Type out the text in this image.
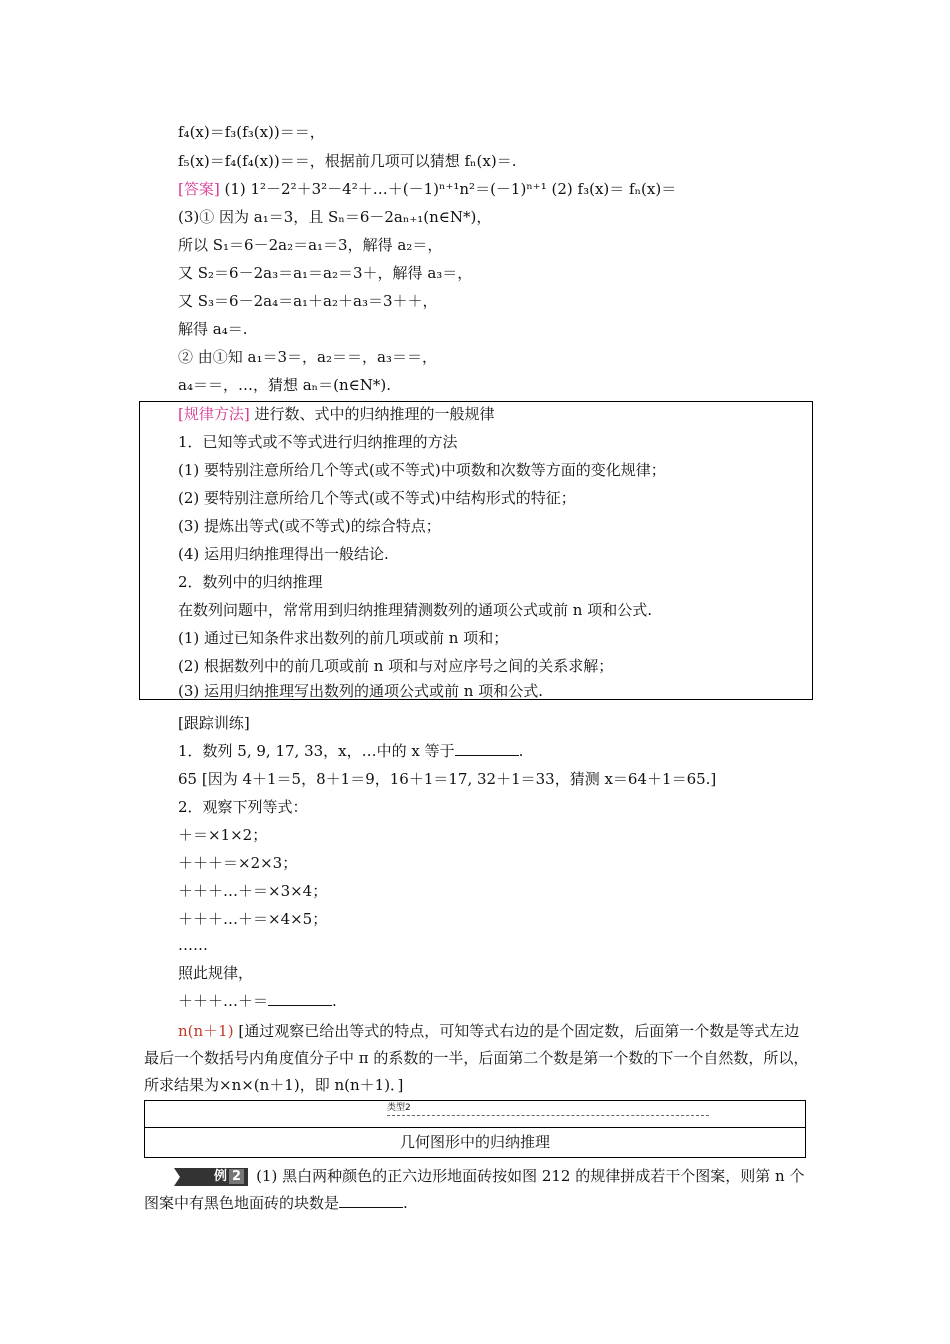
f₄(x)＝f₃(f₃(x))＝＝，
f₅(x)＝f₄(f₄(x))＝＝，根据前几项可以猜想 fₙ(x)＝.
[答案] (1) 1²－2²＋3²－4²＋…＋(－1)ⁿ⁺¹n²＝(－1)ⁿ⁺¹ (2) f₃(x)＝ fₙ(x)＝
(3)① 因为 a₁＝3，且 Sₙ＝6－2aₙ₊₁(n∈N*)，
所以 S₁＝6－2a₂＝a₁＝3，解得 a₂＝，
又 S₂＝6－2a₃＝a₁＝a₂＝3＋，解得 a₃＝，
又 S₃＝6－2a₄＝a₁＋a₂＋a₃＝3＋＋，
解得 a₄＝.
② 由①知 a₁＝3＝，a₂＝＝，a₃＝＝，
a₄＝＝，…，猜想 aₙ＝(n∈N*).
[规律方法] 进行数、式中的归纳推理的一般规律
1．已知等式或不等式进行归纳推理的方法
(1) 要特别注意所给几个等式(或不等式)中项数和次数等方面的变化规律；
(2) 要特别注意所给几个等式(或不等式)中结构形式的特征；
(3) 提炼出等式(或不等式)的综合特点；
(4) 运用归纳推理得出一般结论.
2．数列中的归纳推理
在数列问题中，常常用到归纳推理猜测数列的通项公式或前 n 项和公式.
(1) 通过已知条件求出数列的前几项或前 n 项和；
(2) 根据数列中的前几项或前 n 项和与对应序号之间的关系求解；
(3) 运用归纳推理写出数列的通项公式或前 n 项和公式.
[跟踪训练]
1．数列 5, 9, 17, 33，x，…中的 x 等于	.
65 [因为 4＋1＝5，8＋1＝9，16＋1＝17, 32＋1＝33，猜测 x＝64＋1＝65.]
2．观察下列等式：
＋＝×1×2；
＋＋＋＝×2×3；
＋＋＋…＋＝×3×4；
＋＋＋…＋＝×4×5；
……
照此规律，
＋＋＋…＋＝	.
n(n＋1) [通过观察已给出等式的特点，可知等式右边的是个固定数，后面第一个数是等式左边最后一个数括号内角度值分子中 π 的系数的一半，后面第二个数是第一个数的下一个自然数，所以，所求结果为×n×(n＋1)，即 n(n＋1)．]
类型2
几何图形中的归纳推理
例 2 (1) 黑白两种颜色的正六边形地面砖按如图 212 的规律拼成若干个图案，则第 n 个图案中有黑色地面砖的块数是	.
